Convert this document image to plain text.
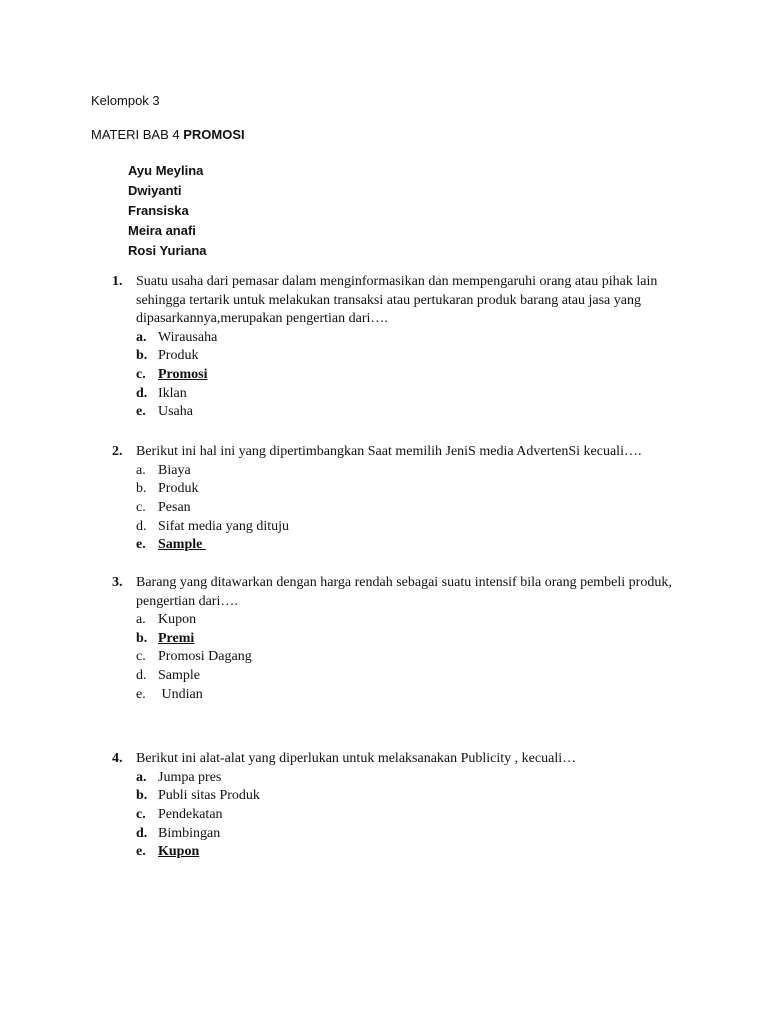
Kelompok 3
MATERI BAB 4 PROMOSI
Ayu Meylina
Dwiyanti
Fransiska
Meira anafi
Rosi Yuriana
1. Suatu usaha dari pemasar dalam menginformasikan dan mempengaruhi orang atau pihak lain sehingga tertarik untuk melakukan transaksi atau pertukaran produk barang atau jasa yang dipasarkannya,merupakan pengertian dari….
a. Wirausaha
b. Produk
c. Promosi
d. Iklan
e. Usaha
2. Berikut ini hal ini yang dipertimbangkan Saat memilih JeniS media AdvertenSi kecuali….
a. Biaya
b. Produk
c. Pesan
d. Sifat media yang dituju
e. Sample
3. Barang yang ditawarkan dengan harga rendah sebagai suatu intensif bila orang pembeli produk, pengertian dari….
a. Kupon
b. Premi
c. Promosi Dagang
d. Sample
e. Undian
4. Berikut ini alat-alat yang diperlukan untuk melaksanakan Publicity , kecuali…
a. Jumpa pres
b. Publi sitas Produk
c. Pendekatan
d. Bimbingan
e. Kupon
